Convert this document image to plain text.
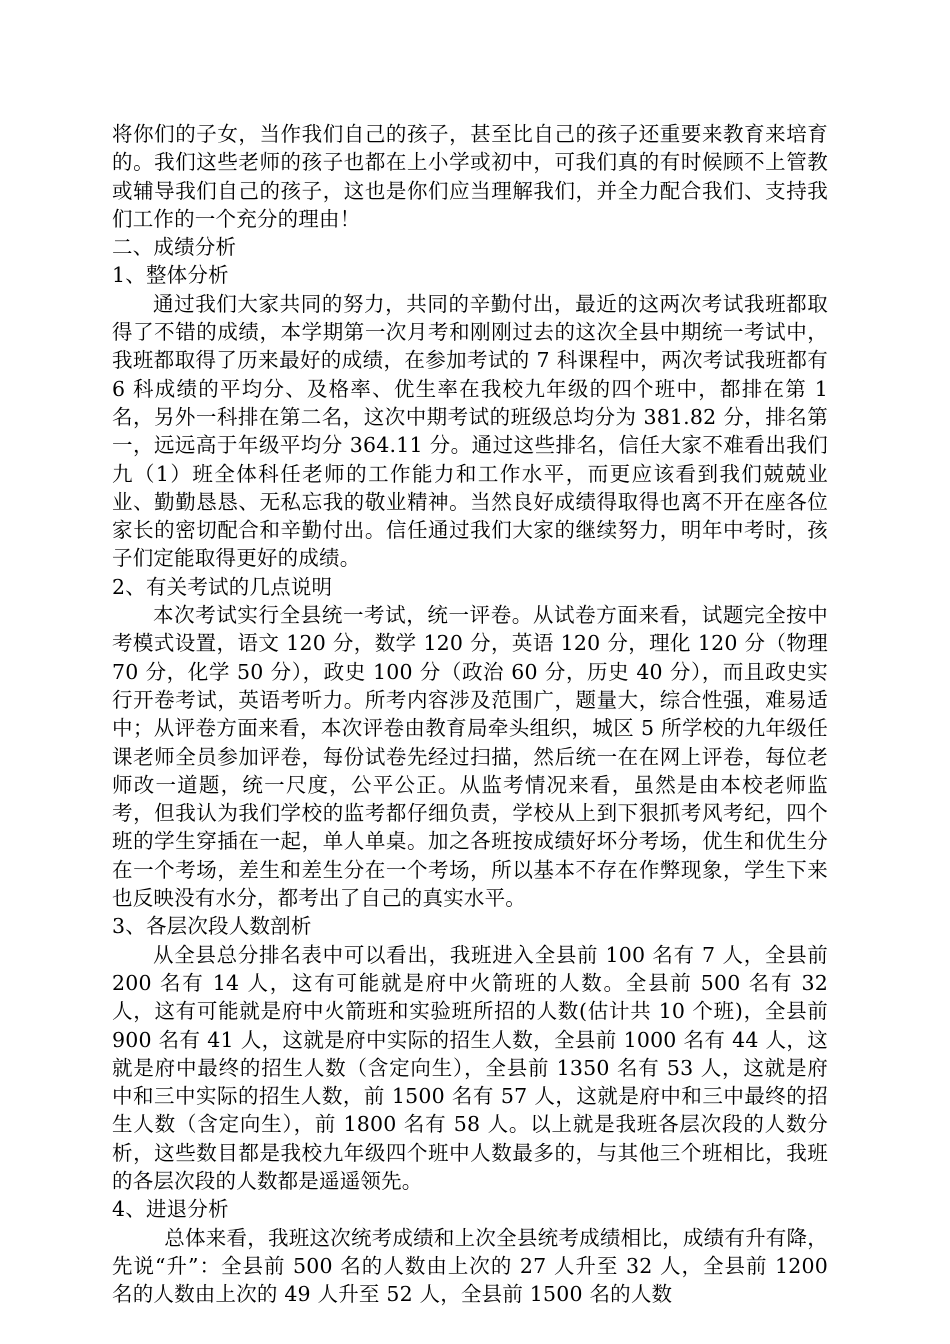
将你们的子女，当作我们自己的孩子，甚至比自己的孩子还重要来教育来培育的。我们这些老师的孩子也都在上小学或初中，可我们真的有时候顾不上管教或辅导我们自己的孩子，这也是你们应当理解我们，并全力配合我们、支持我们工作的一个充分的理由！

二、成绩分析

1、整体分析

通过我们大家共同的努力，共同的辛勤付出，最近的这两次考试我班都取得了不错的成绩，本学期第一次月考和刚刚过去的这次全县中期统一考试中，我班都取得了历来最好的成绩，在参加考试的 7 科课程中，两次考试我班都有 6 科成绩的平均分、及格率、优生率在我校九年级的四个班中，都排在第 1 名，另外一科排在第二名，这次中期考试的班级总均分为 381.82 分，排名第一，远远高于年级平均分 364.11 分。通过这些排名，信任大家不难看出我们九（1）班全体科任老师的工作能力和工作水平，而更应该看到我们兢兢业业、勤勤恳恳、无私忘我的敬业精神。当然良好成绩得取得也离不开在座各位家长的密切配合和辛勤付出。信任通过我们大家的继续努力，明年中考时，孩子们定能取得更好的成绩。

2、有关考试的几点说明

本次考试实行全县统一考试，统一评卷。从试卷方面来看，试题完全按中考模式设置，语文 120 分，数学 120 分，英语 120 分，理化 120 分（物理 70 分，化学 50 分），政史 100 分（政治 60 分，历史 40 分），而且政史实行开卷考试，英语考听力。所考内容涉及范围广，题量大，综合性强，难易适中；从评卷方面来看，本次评卷由教育局牵头组织，城区 5 所学校的九年级任课老师全员参加评卷，每份试卷先经过扫描，然后统一在在网上评卷，每位老师改一道题，统一尺度，公平公正。从监考情况来看，虽然是由本校老师监考，但我认为我们学校的监考都仔细负责，学校从上到下狠抓考风考纪，四个班的学生穿插在一起，单人单桌。加之各班按成绩好坏分考场，优生和优生分在一个考场，差生和差生分在一个考场，所以基本不存在作弊现象，学生下来也反映没有水分，都考出了自己的真实水平。

3、各层次段人数剖析

从全县总分排名表中可以看出，我班进入全县前 100 名有 7 人，全县前 200 名有 14 人，这有可能就是府中火箭班的人数。全县前 500 名有 32 人，这有可能就是府中火箭班和实验班所招的人数(估计共 10 个班)，全县前 900 名有 41 人，这就是府中实际的招生人数，全县前 1000 名有 44 人，这就是府中最终的招生人数（含定向生），全县前 1350 名有 53 人，这就是府中和三中实际的招生人数，前 1500 名有 57 人，这就是府中和三中最终的招生人数（含定向生），前 1800 名有 58 人。以上就是我班各层次段的人数分析，这些数目都是我校九年级四个班中人数最多的，与其他三个班相比，我班的各层次段的人数都是遥遥领先。

4、进退分析

总体来看，我班这次统考成绩和上次全县统考成绩相比，成绩有升有降，先说“升”：全县前 500 名的人数由上次的 27 人升至 32 人，全县前 1200 名的人数由上次的 49 人升至 52 人，全县前 1500 名的人数
